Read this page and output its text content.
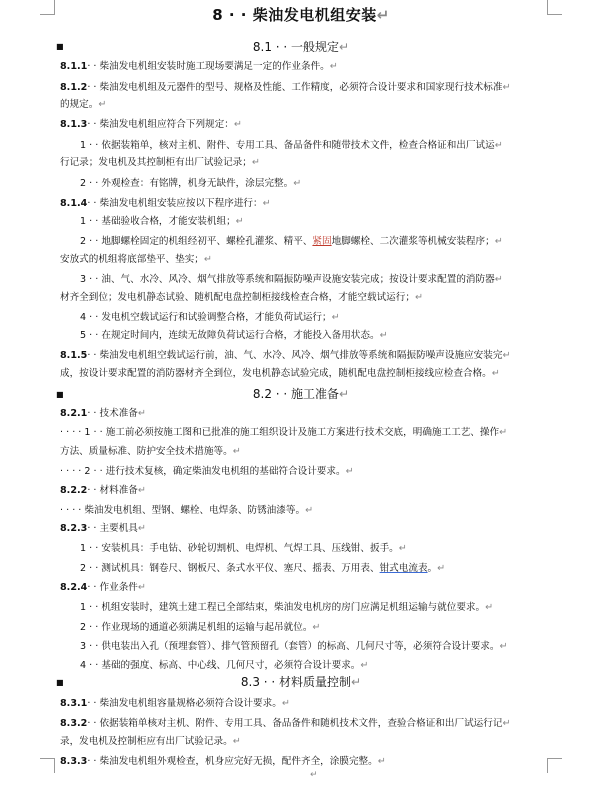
8 · · 柴油发电机组安装↵
■	8.1 · · 一般规定↵
■	8.2 · · 施工准备↵
■	8.3 · · 材料质量控制↵
8.1.1· · 柴油发电机组安装时施工现场要满足一定的作业条件。↵
8.1.2· · 柴油发电机组及元器件的型号、规格及性能、工作精度，必须符合设计要求和国家现行技术标准↵
的规定。↵
8.1.3· · 柴油发电机组应符合下列规定：↵
1 · · 依据装箱单，核对主机、附件、专用工具、备品备件和随带技术文件，检查合格证和出厂试运↵
行记录；发电机及其控制柜有出厂试验记录；↵
2 · · 外观检查：有铭牌，机身无缺件，涂层完整。↵
8.1.4· · 柴油发电机组安装应按以下程序进行：↵
1 · · 基础验收合格，才能安装机组；↵
2 · · 地脚螺栓固定的机组经初平、螺栓孔灌浆、精平、紧固地脚螺栓、二次灌浆等机械安装程序；↵
安放式的机组将底部垫平、垫实；↵
3 · · 油、气、水冷、风冷、烟气排放等系统和隔振防噪声设施安装完成；按设计要求配置的消防器↵
材齐全到位；发电机静态试验、随机配电盘控制柜接线检查合格，才能空载试运行；↵
4 · · 发电机空载试运行和试验调整合格，才能负荷试运行；↵
5 · · 在规定时间内，连续无故障负荷试运行合格，才能投入备用状态。↵
8.1.5· · 柴油发电机组空载试运行前，油、气、水冷、风冷、烟气排放等系统和隔振防噪声设施应安装完↵
成，按设计要求配置的消防器材齐全到位，发电机静态试验完成，随机配电盘控制柜接线应检查合格。↵
8.2.1· · 技术准备↵
· · · · 1 · · 施工前必须按施工图和已批准的施工组织设计及施工方案进行技术交底，明确施工工艺、操作↵
方法、质量标准、防护安全技术措施等。↵
· · · · 2 · · 进行技术复核，确定柴油发电机组的基础符合设计要求。↵
8.2.2· · 材料准备↵
· · · · 柴油发电机组、型钢、螺栓、电焊条、防锈油漆等。↵
8.2.3· · 主要机具↵
1 · · 安装机具：手电钻、砂轮切割机、电焊机、气焊工具、压线钳、扳手。↵
2 · · 测试机具：钢卷尺、钢板尺、条式水平仪、塞尺、摇表、万用表、钳式电流表。↵
8.2.4· · 作业条件↵
1 · · 机组安装时，建筑土建工程已全部结束，柴油发电机房的房门应满足机组运输与就位要求。↵
2 · · 作业现场的通道必须满足机组的运输与起吊就位。↵
3 · · 供电装出入孔（预埋套管）、排气管预留孔（套管）的标高、几何尺寸等，必须符合设计要求。↵
4 · · 基础的强度、标高、中心线、几何尺寸，必须符合设计要求。↵
8.3.1· · 柴油发电机组容量规格必须符合设计要求。↵
8.3.2· · 依据装箱单核对主机、附件、专用工具、备品备件和随机技术文件，查验合格证和出厂试运行记↵
录，发电机及控制柜应有出厂试验记录。↵
8.3.3· · 柴油发电机组外观检查，机身应完好无损，配件齐全，涂膜完整。↵
↵
